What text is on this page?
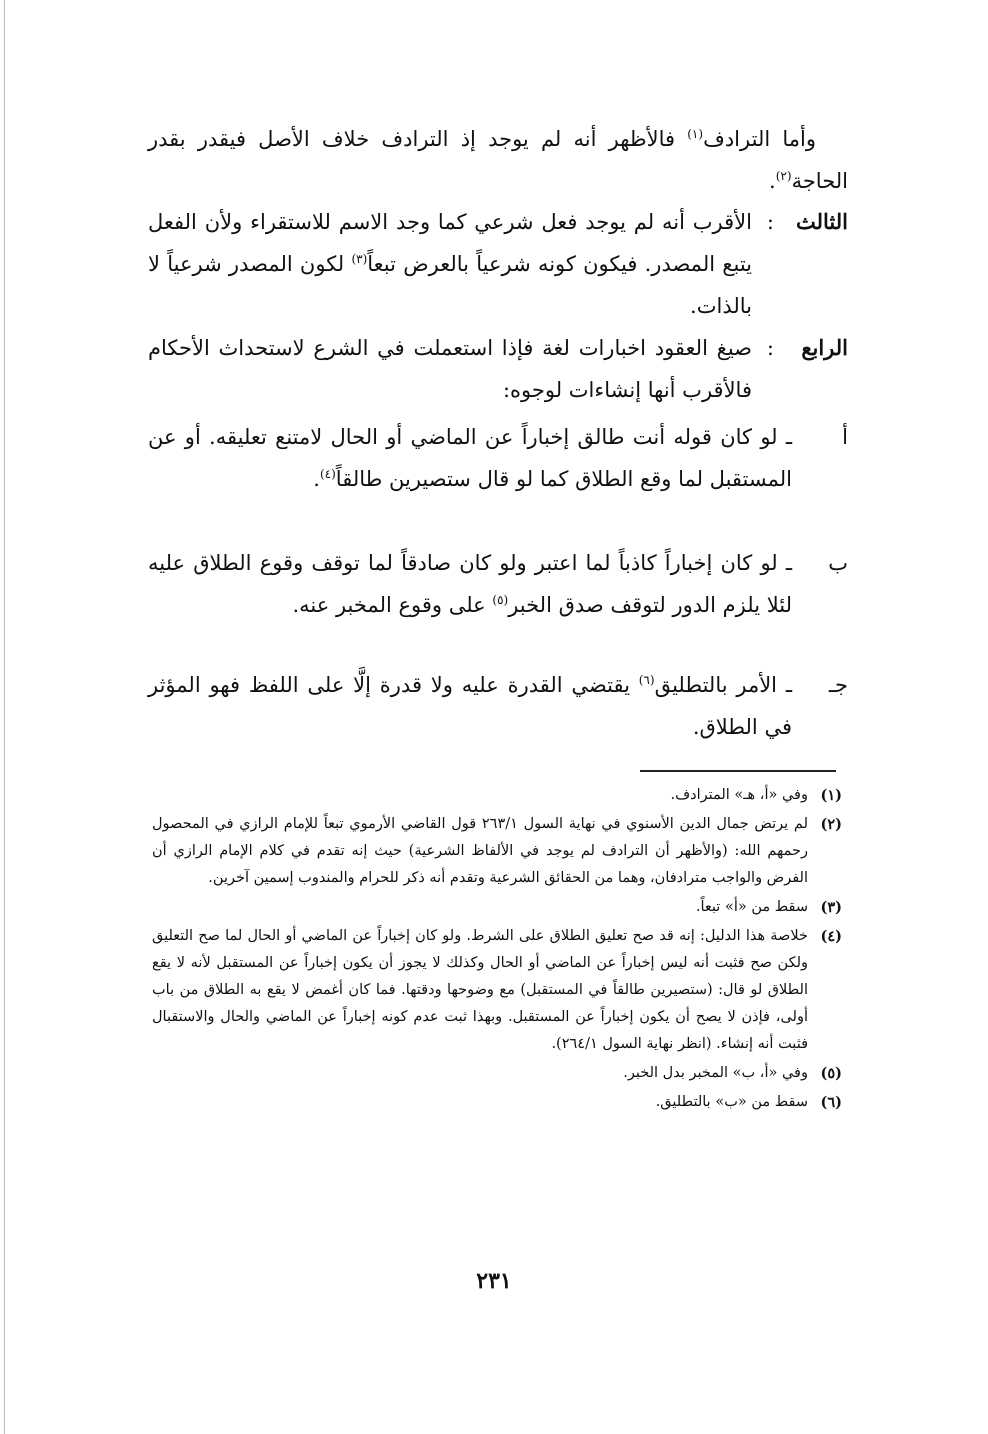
وأما الترادف$^{(١)}$ فالأظهر أنه لم يوجد إذ الترادف خلاف الأصل فيقدر بقدر الحاجة$^{(٢)}$.
الثالث
:
الأقرب أنه لم يوجد فعل شرعي كما وجد الاسم للاستقراء ولأن الفعل يتبع المصدر. فيكون كونه شرعياً بالعرض تبعاً$^{(٣)}$ لكون المصدر شرعياً لا بالذات.
الرابع
:
صيغ العقود اخبارات لغة فإذا استعملت في الشرع لاستحداث الأحكام فالأقرب أنها إنشاءات لوجوه:
أ
ـ لو كان قوله أنت طالق إخباراً عن الماضي أو الحال لامتنع تعليقه. أو عن المستقبل لما وقع الطلاق كما لو قال ستصيرين طالقاً$^{(٤)}$.
ب
ـ لو كان إخباراً كاذباً لما اعتبر ولو كان صادقاً لما توقف وقوع الطلاق عليه لئلا يلزم الدور لتوقف صدق الخبر$^{(٥)}$ على وقوع المخبر عنه.
جـ
ـ الأمر بالتطليق$^{(٦)}$ يقتضي القدرة عليه ولا قدرة إلَّا على اللفظ فهو المؤثر في الطلاق.
(١)
وفي «أ، هـ» المترادف.
(٢)
لم يرتض جمال الدين الأسنوي في نهاية السول ٢٦٣/١ قول القاضي الأرموي تبعاً للإمام الرازي في المحصول رحمهم الله: (والأظهر أن الترادف لم يوجد في الألفاظ الشرعية) حيث إنه تقدم في كلام الإمام الرازي أن الفرض والواجب مترادفان، وهما من الحقائق الشرعية وتقدم أنه ذكر للحرام والمندوب إسمين آخرين.
(٣)
سقط من «أ» تبعاً.
(٤)
خلاصة هذا الدليل: إنه قد صح تعليق الطلاق على الشرط. ولو كان إخباراً عن الماضي أو الحال لما صح التعليق ولكن صح فثبت أنه ليس إخباراً عن الماضي أو الحال وكذلك لا يجوز أن يكون إخباراً عن المستقبل لأنه لا يقع الطلاق لو قال: (ستصيرين طالقاً في المستقبل) مع وضوحها ودقتها. فما كان أغمض لا يقع به الطلاق من باب أولى، فإذن لا يصح أن يكون إخباراً عن المستقبل. وبهذا ثبت عدم كونه إخباراً عن الماضي والحال والاستقبال فثبت أنه إنشاء. (انظر نهاية السول ٢٦٤/١).
(٥)
وفي «أ، ب» المخبر بدل الخبر.
(٦)
سقط من «ب» بالتطليق.
٢٣١
